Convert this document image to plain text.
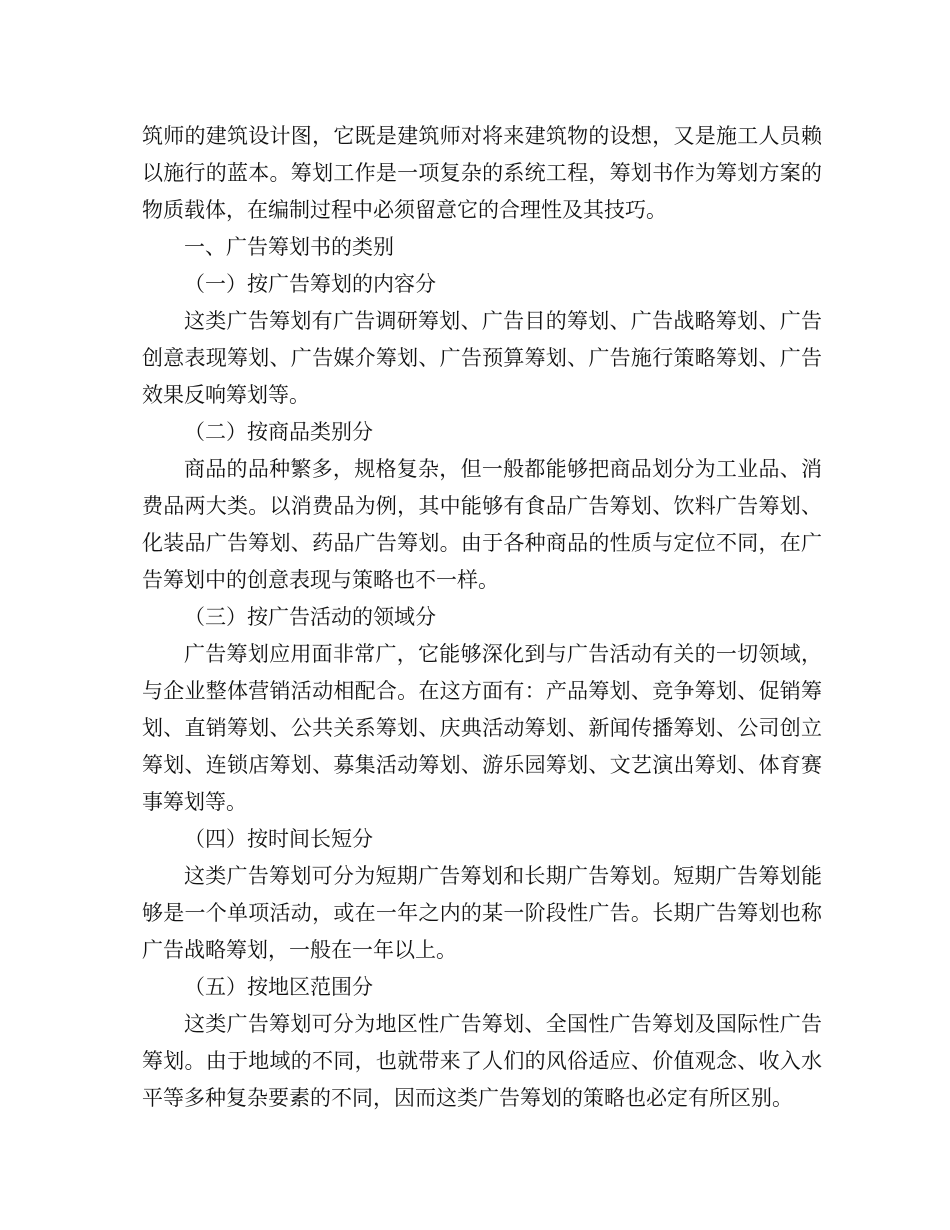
筑师的建筑设计图，它既是建筑师对将来建筑物的设想，又是施工人员赖以施行的蓝本。筹划工作是一项复杂的系统工程，筹划书作为筹划方案的物质载体，在编制过程中必须留意它的合理性及其技巧。

一、广告筹划书的类别

（一）按广告筹划的内容分

这类广告筹划有广告调研筹划、广告目的筹划、广告战略筹划、广告创意表现筹划、广告媒介筹划、广告预算筹划、广告施行策略筹划、广告效果反响筹划等。

（二）按商品类别分

商品的品种繁多，规格复杂，但一般都能够把商品划分为工业品、消费品两大类。以消费品为例，其中能够有食品广告筹划、饮料广告筹划、化装品广告筹划、药品广告筹划。由于各种商品的性质与定位不同，在广告筹划中的创意表现与策略也不一样。

（三）按广告活动的领域分

广告筹划应用面非常广，它能够深化到与广告活动有关的一切领域，与企业整体营销活动相配合。在这方面有：产品筹划、竞争筹划、促销筹划、直销筹划、公共关系筹划、庆典活动筹划、新闻传播筹划、公司创立筹划、连锁店筹划、募集活动筹划、游乐园筹划、文艺演出筹划、体育赛事筹划等。

（四）按时间长短分

这类广告筹划可分为短期广告筹划和长期广告筹划。短期广告筹划能够是一个单项活动，或在一年之内的某一阶段性广告。长期广告筹划也称广告战略筹划，一般在一年以上。

（五）按地区范围分

这类广告筹划可分为地区性广告筹划、全国性广告筹划及国际性广告筹划。由于地域的不同，也就带来了人们的风俗适应、价值观念、收入水平等多种复杂要素的不同，因而这类广告筹划的策略也必定有所区别。
